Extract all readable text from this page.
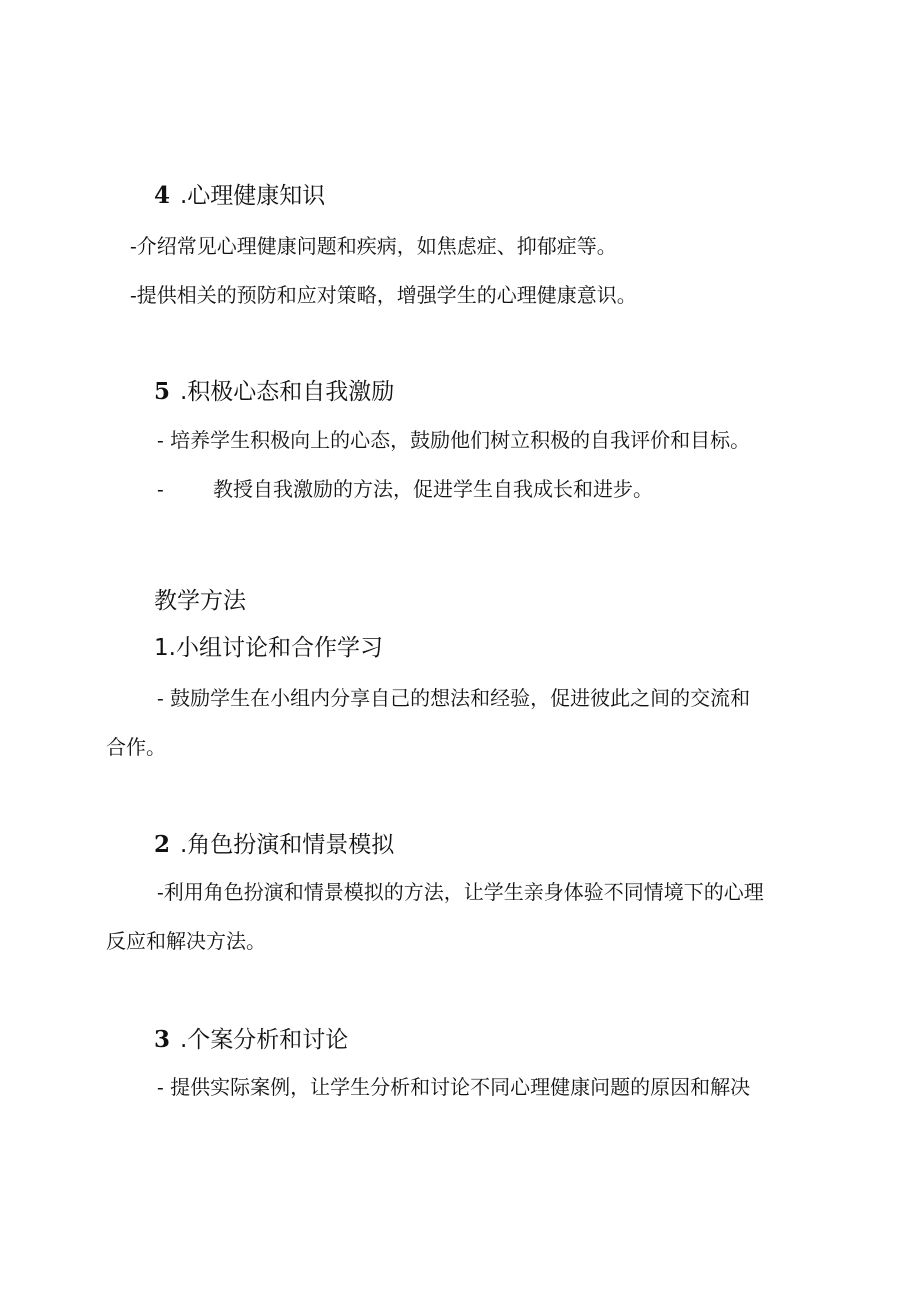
4 .心理健康知识
-介绍常见心理健康问题和疾病，如焦虑症、抑郁症等。
-提供相关的预防和应对策略，增强学生的心理健康意识。
5 .积极心态和自我激励
- 培养学生积极向上的心态，鼓励他们树立积极的自我评价和目标。
- 教授自我激励的方法，促进学生自我成长和进步。
教学方法
1.小组讨论和合作学习
- 鼓励学生在小组内分享自己的想法和经验，促进彼此之间的交流和
合作。
2 .角色扮演和情景模拟
-利用角色扮演和情景模拟的方法，让学生亲身体验不同情境下的心理
反应和解决方法。
3 .个案分析和讨论
- 提供实际案例，让学生分析和讨论不同心理健康问题的原因和解决
